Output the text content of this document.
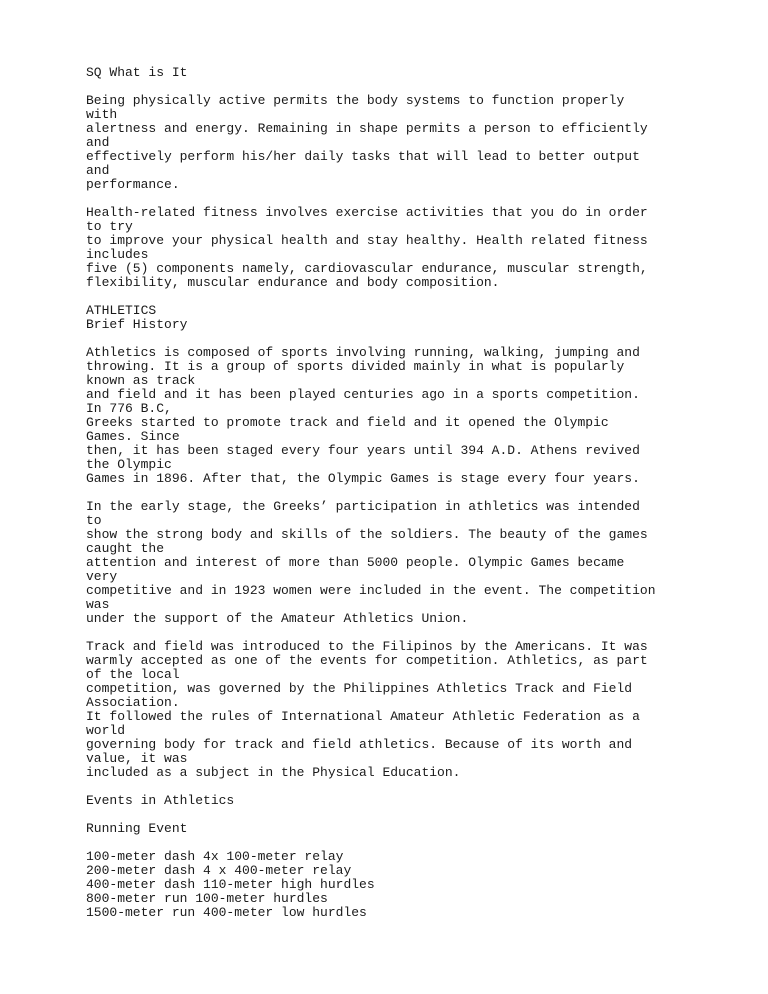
SQ What is It
Being physically active permits the body systems to function properly
with
alertness and energy. Remaining in shape permits a person to efficiently
and
effectively perform his/her daily tasks that will lead to better output
and
performance.
Health-related fitness involves exercise activities that you do in order
to try
to improve your physical health and stay healthy. Health related fitness
includes
five (5) components namely, cardiovascular endurance, muscular strength,
flexibility, muscular endurance and body composition.
ATHLETICS
Brief History
Athletics is composed of sports involving running, walking, jumping and
throwing. It is a group of sports divided mainly in what is popularly
known as track
and field and it has been played centuries ago in a sports competition.
In 776 B.C,
Greeks started to promote track and field and it opened the Olympic
Games. Since
then, it has been staged every four years until 394 A.D. Athens revived
the Olympic
Games in 1896. After that, the Olympic Games is stage every four years.
In the early stage, the Greeks’ participation in athletics was intended
to
show the strong body and skills of the soldiers. The beauty of the games
caught the
attention and interest of more than 5000 people. Olympic Games became
very
competitive and in 1923 women were included in the event. The competition
was
under the support of the Amateur Athletics Union.
Track and field was introduced to the Filipinos by the Americans. It was
warmly accepted as one of the events for competition. Athletics, as part
of the local
competition, was governed by the Philippines Athletics Track and Field
Association.
It followed the rules of International Amateur Athletic Federation as a
world
governing body for track and field athletics. Because of its worth and
value, it was
included as a subject in the Physical Education.
Events in Athletics
Running Event
100-meter dash 4x 100-meter relay
200-meter dash 4 x 400-meter relay
400-meter dash 110-meter high hurdles
800-meter run 100-meter hurdles
1500-meter run 400-meter low hurdles
